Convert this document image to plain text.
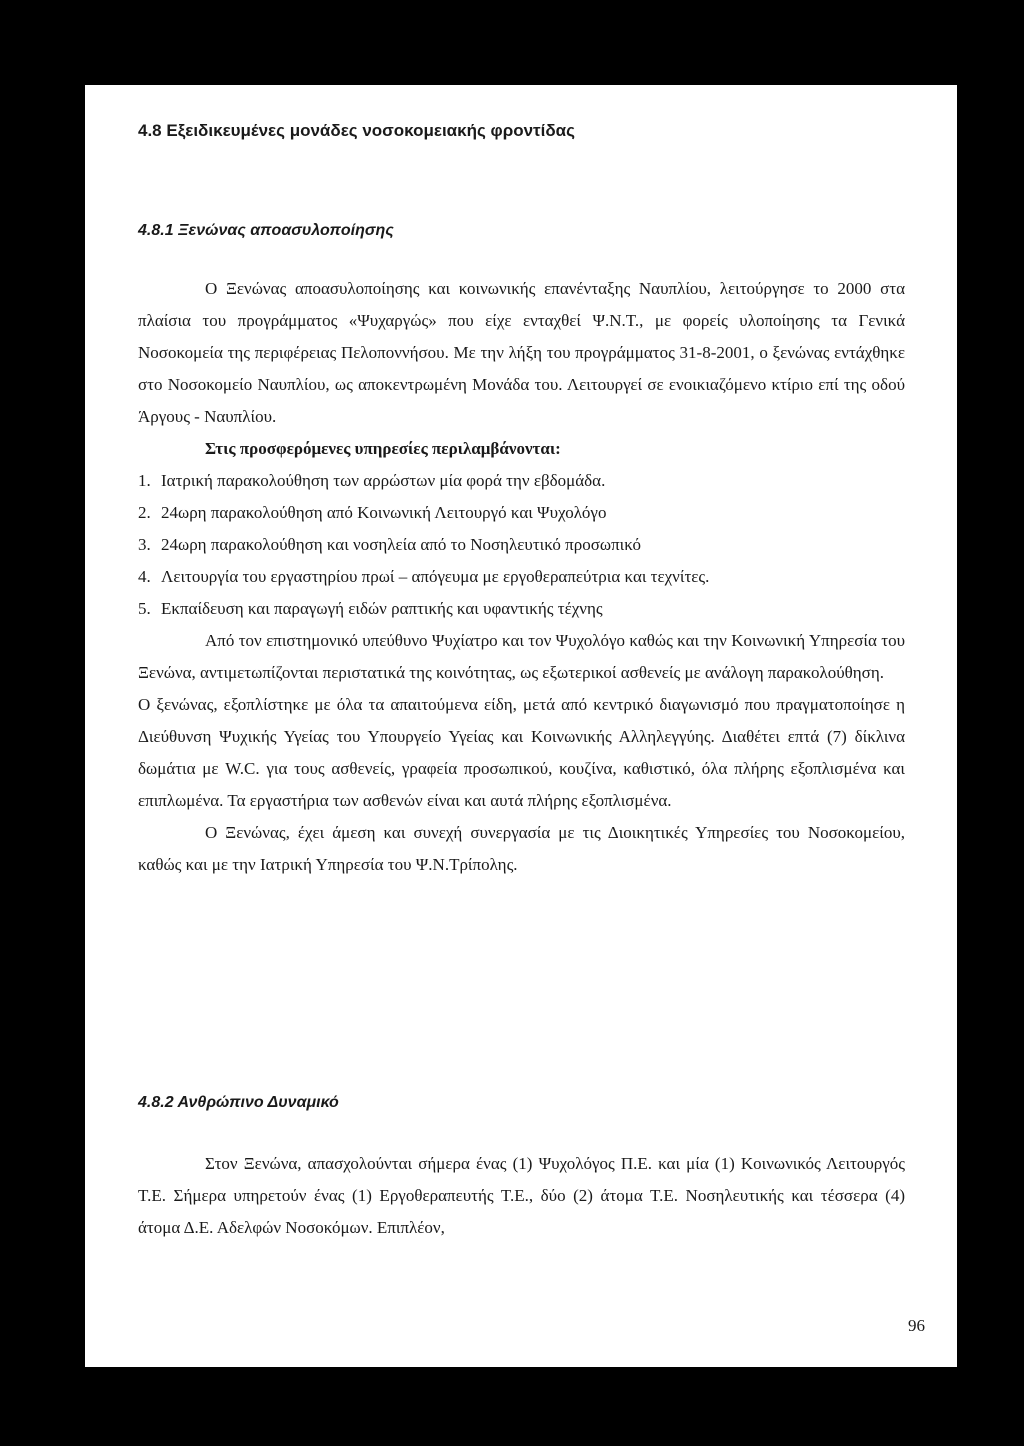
4.8 Εξειδικευμένες μονάδες νοσοκομειακής φροντίδας
4.8.1 Ξενώνας αποασυλοποίησης

Ο Ξενώνας αποασυλοποίησης και κοινωνικής επανένταξης Ναυπλίου, λειτούργησε το 2000 στα πλαίσια του προγράμματος «Ψυχαργώς» που είχε ενταχθεί Ψ.Ν.Τ., με φορείς υλοποίησης τα Γενικά Νοσοκομεία της περιφέρειας Πελοποννήσου. Με την λήξη του προγράμματος 31-8-2001, ο ξενώνας εντάχθηκε στο Νοσοκομείο Ναυπλίου, ως αποκεντρωμένη Μονάδα του. Λειτουργεί σε ενοικιαζόμενο κτίριο επί της οδού Άργους - Ναυπλίου.

Στις προσφερόμενες υπηρεσίες περιλαμβάνονται:
1. Ιατρική παρακολούθηση των αρρώστων μία φορά την εβδομάδα.
2. 24ωρη παρακολούθηση από Κοινωνική Λειτουργό και Ψυχολόγο
3. 24ωρη παρακολούθηση και νοσηλεία από το Νοσηλευτικό προσωπικό
4. Λειτουργία του εργαστηρίου πρωί – απόγευμα με εργοθεραπεύτρια και τεχνίτες.
5. Εκπαίδευση και παραγωγή ειδών ραπτικής και υφαντικής τέχνης

Από τον επιστημονικό υπεύθυνο Ψυχίατρο και τον Ψυχολόγο καθώς και την Κοινωνική Υπηρεσία του Ξενώνα, αντιμετωπίζονται περιστατικά της κοινότητας, ως εξωτερικοί ασθενείς με ανάλογη παρακολούθηση.

Ο ξενώνας, εξοπλίστηκε με όλα τα απαιτούμενα είδη, μετά από κεντρικό διαγωνισμό που πραγματοποίησε η Διεύθυνση Ψυχικής Υγείας του Υπουργείο Υγείας και Κοινωνικής Αλληλεγγύης. Διαθέτει επτά (7) δίκλινα δωμάτια με W.C. για τους ασθενείς, γραφεία προσωπικού, κουζίνα, καθιστικό, όλα πλήρης εξοπλισμένα και επιπλωμένα. Τα εργαστήρια των ασθενών είναι και αυτά πλήρης εξοπλισμένα.

Ο Ξενώνας, έχει άμεση και συνεχή συνεργασία με τις Διοικητικές Υπηρεσίες του Νοσοκομείου, καθώς και με την Ιατρική Υπηρεσία του Ψ.Ν.Τρίπολης.

4.8.2 Ανθρώπινο Δυναμικό

Στον Ξενώνα, απασχολούνται σήμερα ένας (1) Ψυχολόγος Π.Ε. και μία (1) Κοινωνικός Λειτουργός Τ.Ε. Σήμερα υπηρετούν ένας (1) Εργοθεραπευτής Τ.Ε., δύο (2) άτομα Τ.Ε. Νοσηλευτικής και τέσσερα (4) άτομα Δ.Ε. Αδελφών Νοσοκόμων. Επιπλέον,

96
